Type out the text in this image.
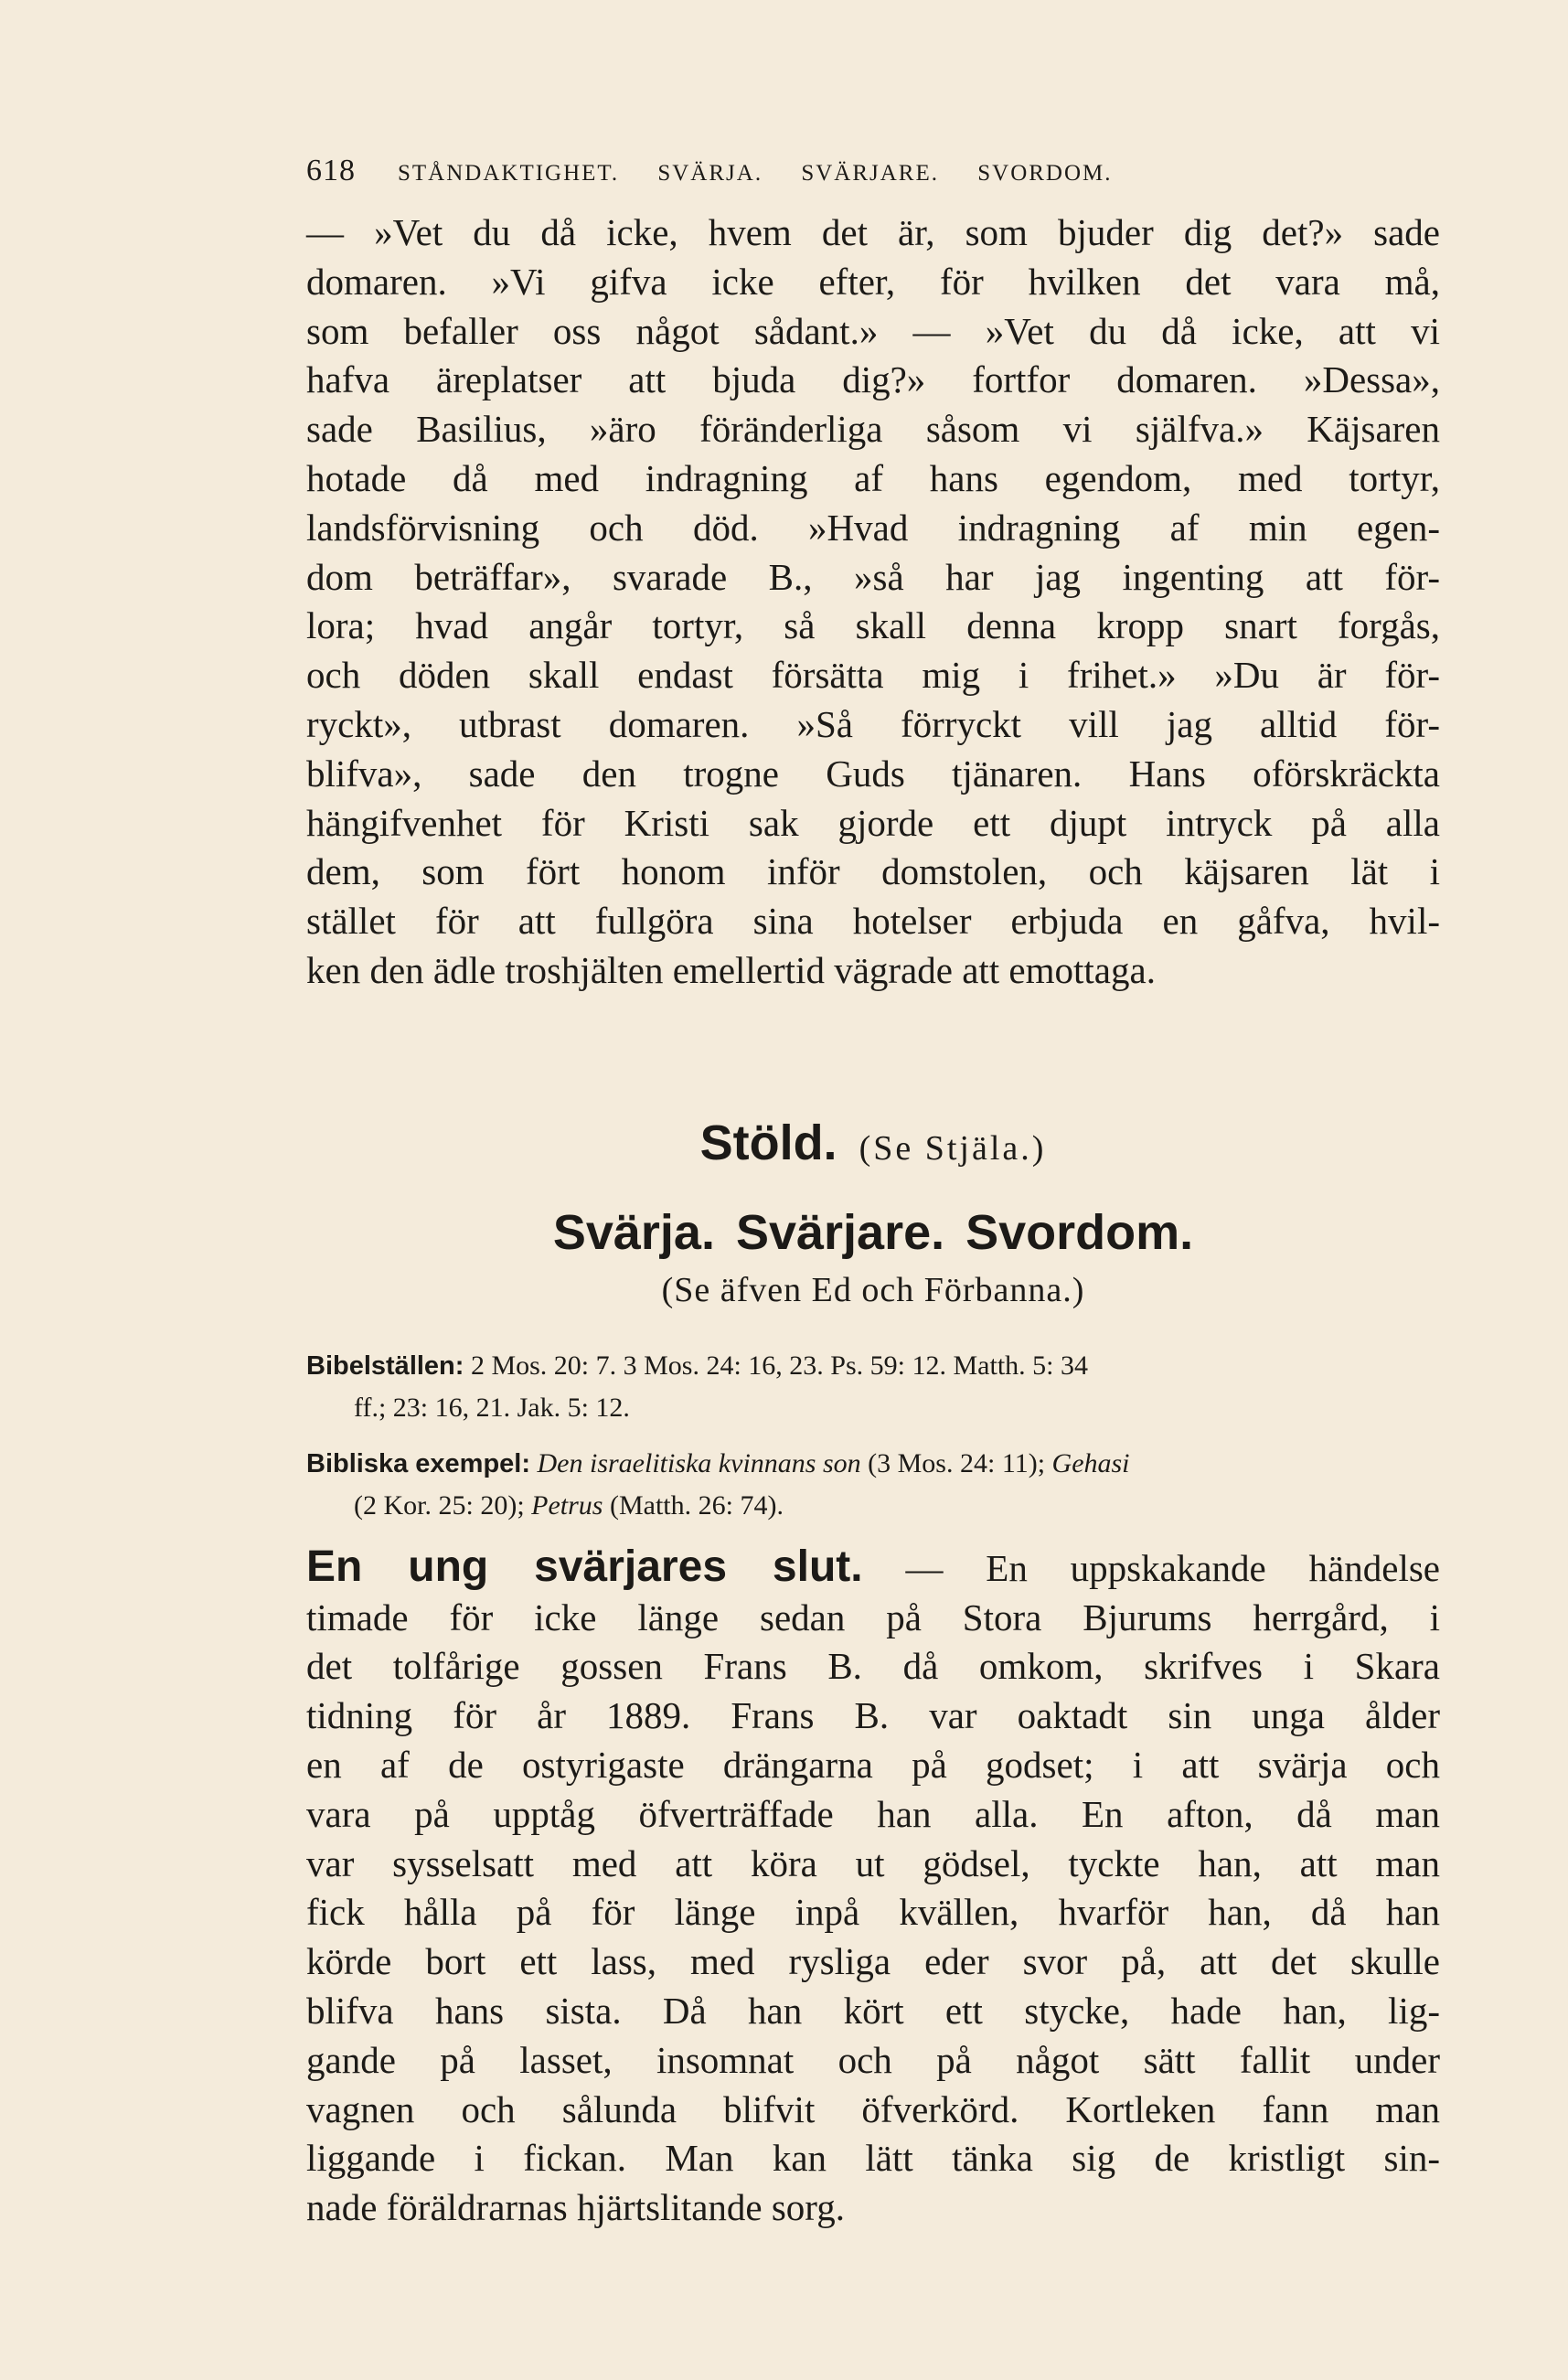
618	STÅNDAKTIGHET. SVÄRJA. SVÄRJARE. SVORDOM.

— »Vet du då icke, hvem det är, som bjuder dig det?» sade

domaren. »Vi gifva icke efter, för hvilken det vara må,

som befaller oss något sådant.» — »Vet du då icke, att vi

hafva äreplatser att bjuda dig?» fortfor domaren. »Dessa»,

sade Basilius, »äro föränderliga såsom vi själfva.» Käjsaren

hotade då med indragning af hans egendom, med tortyr,

landsförvisning och död. »Hvad indragning af min egen-

dom beträffar», svarade B., »så har jag ingenting att för-

lora; hvad angår tortyr, så skall denna kropp snart forgås,

och döden skall endast försätta mig i frihet.» »Du är för-

ryckt», utbrast domaren. »Så förryckt vill jag alltid för-

blifva», sade den trogne Guds tjänaren. Hans oförskräckta

hängifvenhet för Kristi sak gjorde ett djupt intryck på alla

dem, som fört honom inför domstolen, och käjsaren lät i

stället för att fullgöra sina hotelser erbjuda en gåfva, hvil-

ken den ädle troshjälten emellertid vägrade att emottaga.

Stöld. (Se Stjäla.)
Svärja. Svärjare. Svordom.
(Se äfven Ed och Förbanna.)
Bibelställen: 2 Mos. 20: 7. 3 Mos. 24: 16, 23. Ps. 59: 12. Matth. 5: 34
ff.; 23: 16, 21. Jak. 5: 12.
Bibliska exempel: Den israelitiska kvinnans son (3 Mos. 24: 11); Gehasi
(2 Kor. 25: 20); Petrus (Matth. 26: 74).

En ung svärjares slut. — En uppskakande händelse

timade för icke länge sedan på Stora Bjurums herrgård, i

det tolfårige gossen Frans B. då omkom, skrifves i Skara

tidning för år 1889. Frans B. var oaktadt sin unga ålder

en af de ostyrigaste drängarna på godset; i att svärja och

vara på upptåg öfverträffade han alla. En afton, då man

var sysselsatt med att köra ut gödsel, tyckte han, att man

fick hålla på för länge inpå kvällen, hvarför han, då han

körde bort ett lass, med rysliga eder svor på, att det skulle

blifva hans sista. Då han kört ett stycke, hade han, lig-

gande på lasset, insomnat och på något sätt fallit under

vagnen och sålunda blifvit öfverkörd. Kortleken fann man

liggande i fickan. Man kan lätt tänka sig de kristligt sin-

nade föräldrarnas hjärtslitande sorg.
